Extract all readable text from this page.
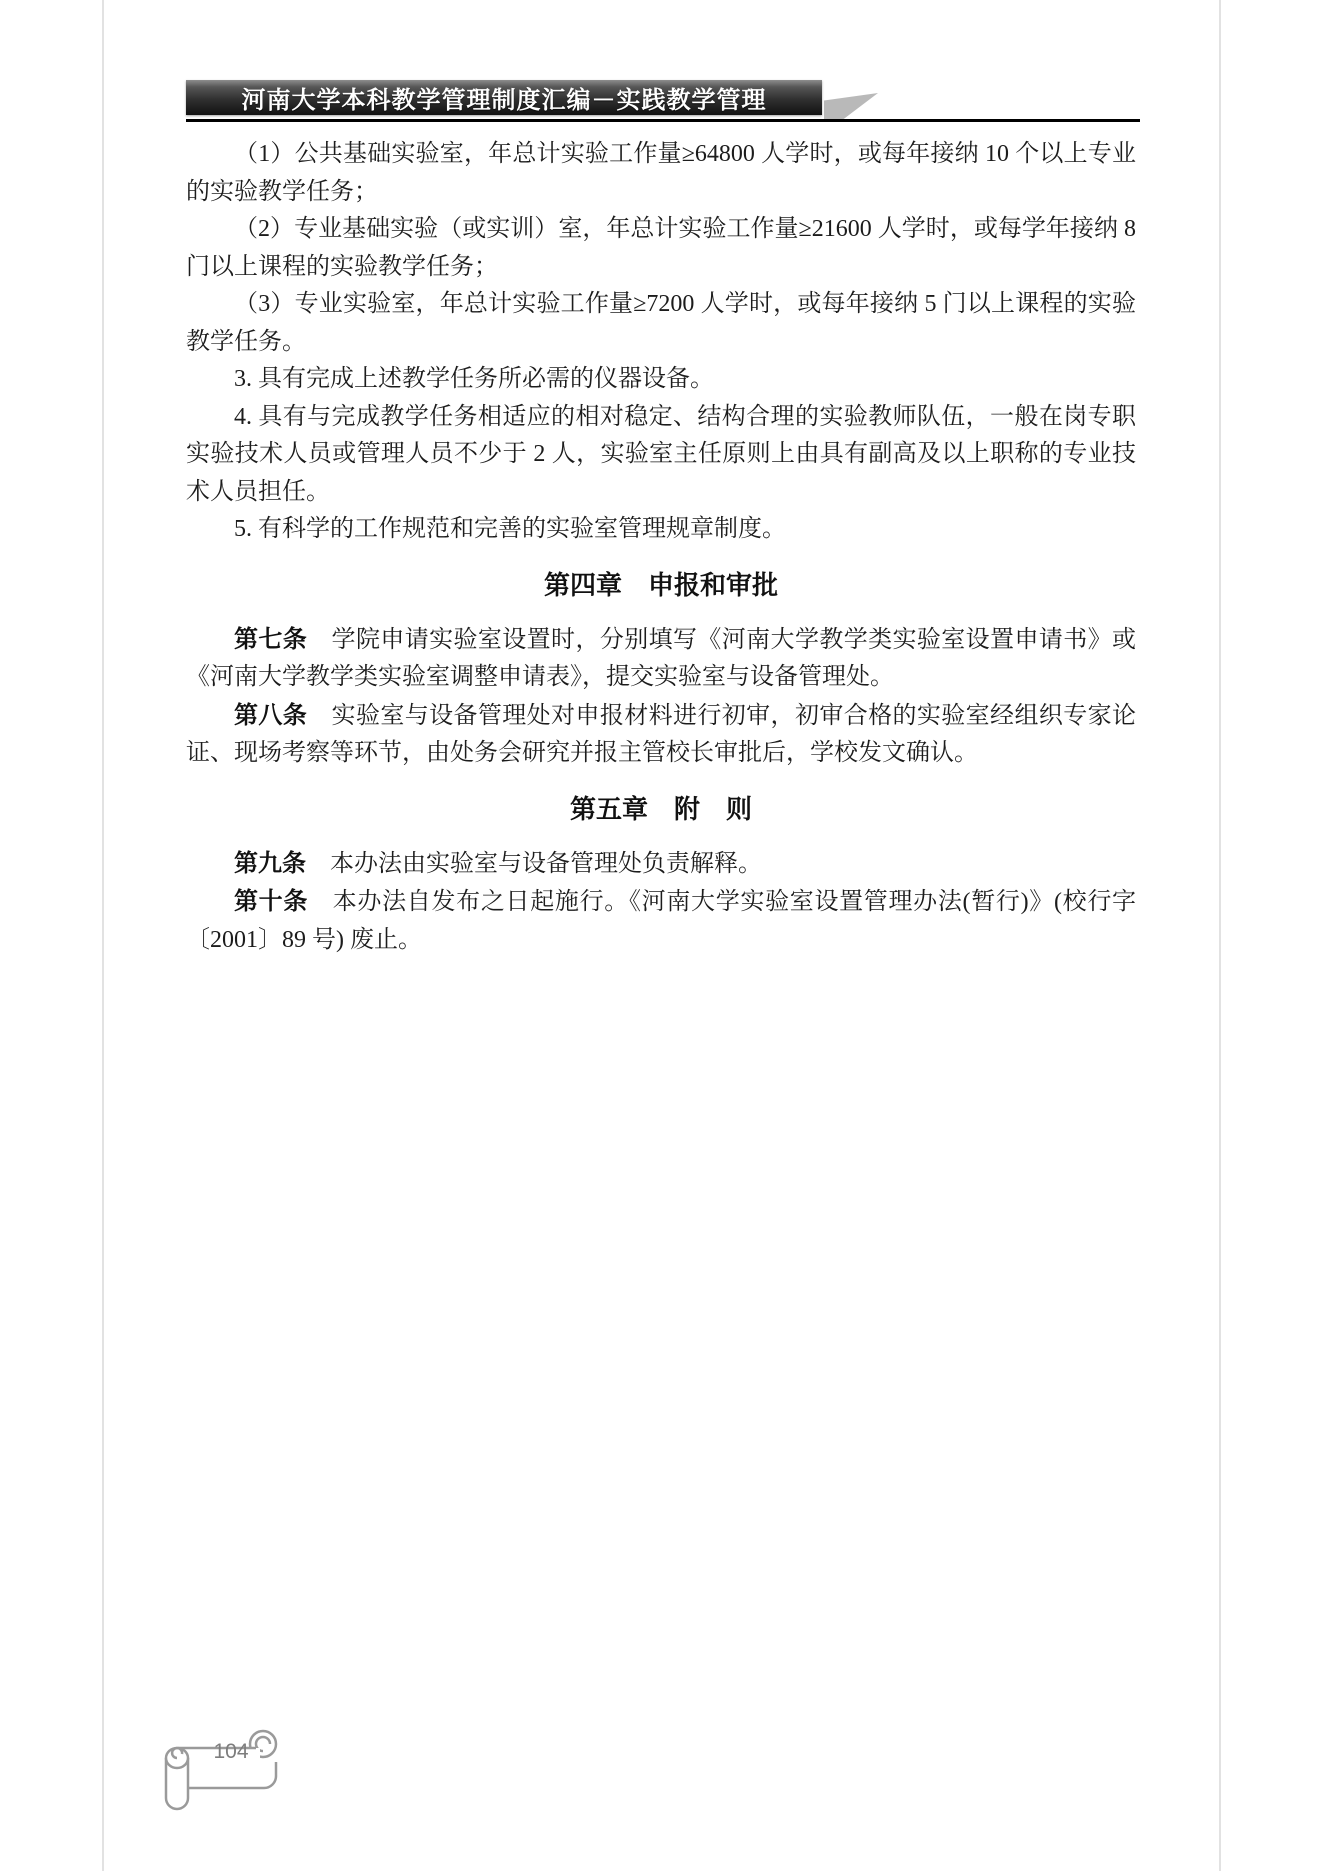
河南大学本科教学管理制度汇编－实践教学管理

（1）公共基础实验室，年总计实验工作量≥64800 人学时，或每年接纳 10 个以上专业的实验教学任务；

（2）专业基础实验（或实训）室，年总计实验工作量≥21600 人学时，或每学年接纳 8 门以上课程的实验教学任务；

（3）专业实验室，年总计实验工作量≥7200 人学时，或每年接纳 5 门以上课程的实验教学任务。

3. 具有完成上述教学任务所必需的仪器设备。

4. 具有与完成教学任务相适应的相对稳定、结构合理的实验教师队伍，一般在岗专职实验技术人员或管理人员不少于 2 人，实验室主任原则上由具有副高及以上职称的专业技术人员担任。

5. 有科学的工作规范和完善的实验室管理规章制度。

第四章　申报和审批

第七条　学院申请实验室设置时，分别填写《河南大学教学类实验室设置申请书》或《河南大学教学类实验室调整申请表》，提交实验室与设备管理处。

第八条　实验室与设备管理处对申报材料进行初审，初审合格的实验室经组织专家论证、现场考察等环节，由处务会研究并报主管校长审批后，学校发文确认。

第五章　附　则

第九条　本办法由实验室与设备管理处负责解释。

第十条　本办法自发布之日起施行。《河南大学实验室设置管理办法(暂行)》(校行字〔2001〕89 号) 废止。

104
